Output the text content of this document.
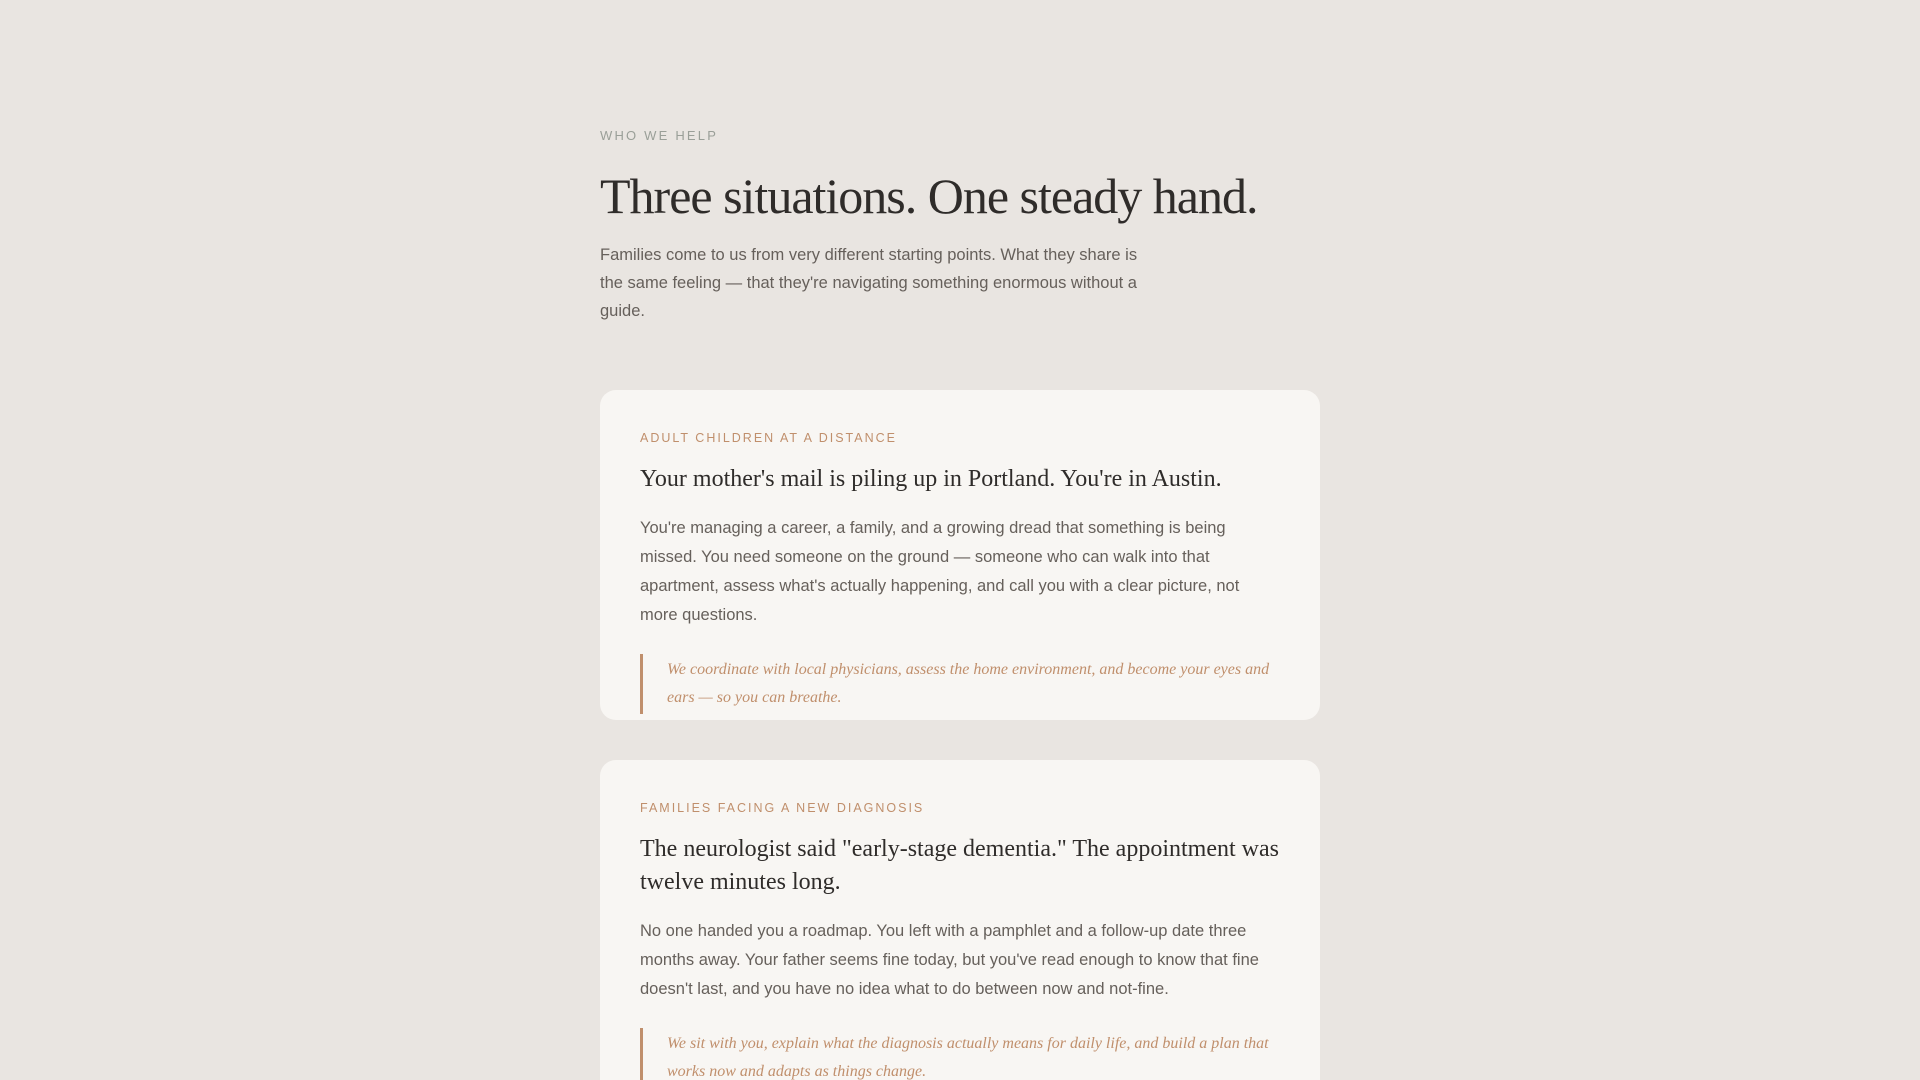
WHO WE HELP
Three situations. One steady hand.

Families come to us from very different starting points. What they share is the same feeling — that they're navigating something enormous without a guide.

ADULT CHILDREN AT A DISTANCE
Your mother's mail is piling up in Portland. You're in Austin.

You're managing a career, a family, and a growing dread that something is being missed. You need someone on the ground — someone who can walk into that apartment, assess what's actually happening, and call you with a clear picture, not more questions.

We coordinate with local physicians, assess the home environment, and become your eyes and ears — so you can breathe.
FAMILIES FACING A NEW DIAGNOSIS
The neurologist said "early-stage dementia." The appointment was twelve minutes long.

No one handed you a roadmap. You left with a pamphlet and a follow-up date three months away. Your father seems fine today, but you've read enough to know that fine doesn't last, and you have no idea what to do between now and not-fine.

We sit with you, explain what the diagnosis actually means for daily life, and build a plan that works now and adapts as things change.
